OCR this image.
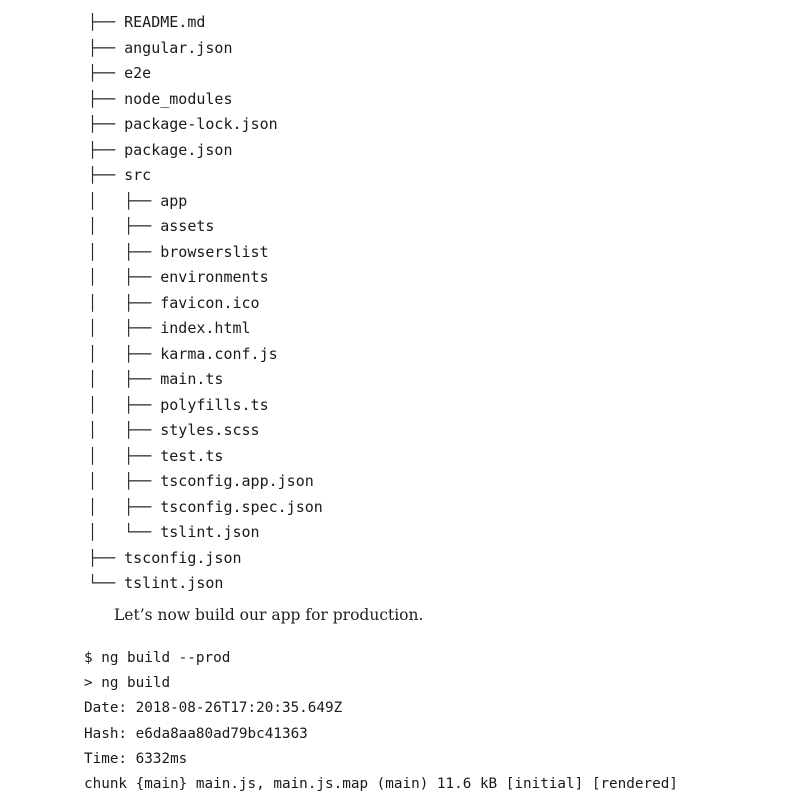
├── README.md
├── angular.json
├── e2e
├── node_modules
├── package-lock.json
├── package.json
├── src
│   ├── app
│   ├── assets
│   ├── browserslist
│   ├── environments
│   ├── favicon.ico
│   ├── index.html
│   ├── karma.conf.js
│   ├── main.ts
│   ├── polyfills.ts
│   ├── styles.scss
│   ├── test.ts
│   ├── tsconfig.app.json
│   ├── tsconfig.spec.json
│   └── tslint.json
├── tsconfig.json
└── tslint.json

Let’s now build our app for production.

$ ng build --prod
> ng build
Date: 2018-08-26T17:20:35.649Z
Hash: e6da8aa80ad79bc41363
Time: 6332ms
chunk {main} main.js, main.js.map (main) 11.6 kB [initial] [rendered]
